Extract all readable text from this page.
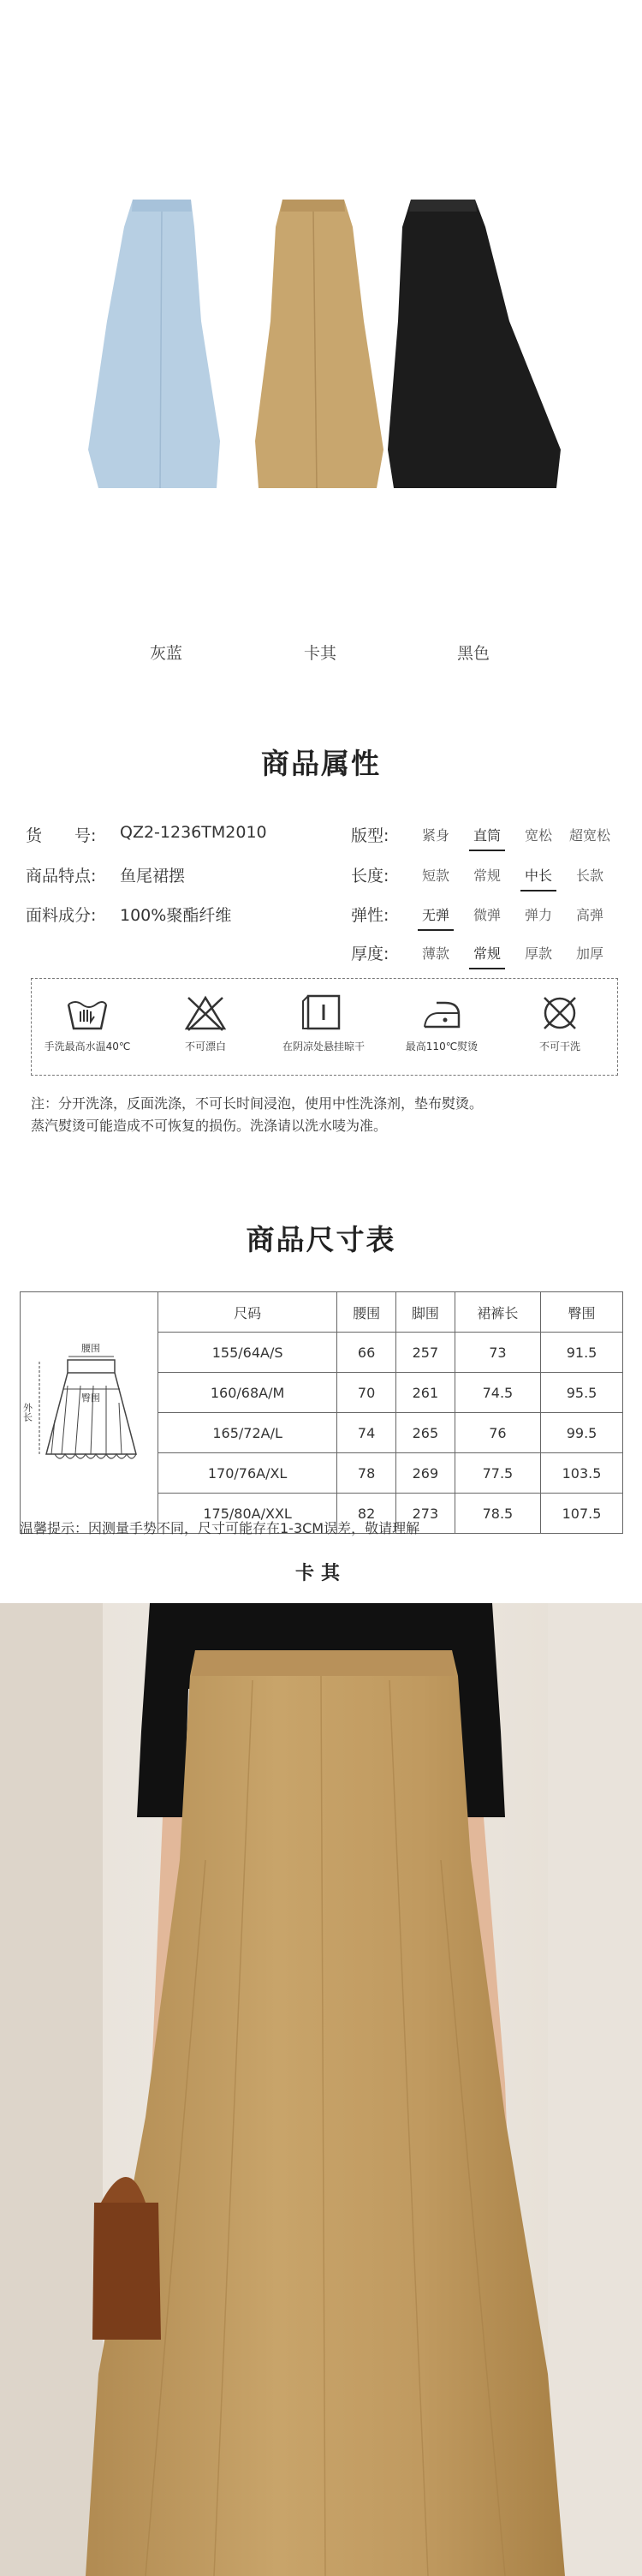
灰蓝	卡其	黑色
商品属性
货　　号: QZ2-1236TM2010
商品特点: 鱼尾裙摆
面料成分: 100%聚酯纤维
版型:	紧身	直筒	宽松	超宽松
长度:	短款	常规	中长	长款
弹性:	无弹	微弹	弹力	高弹
厚度:	薄款	常规	厚款	加厚
手洗最高水温40℃	不可漂白	在阴凉处悬挂晾干	最高110℃熨烫	不可干洗
注：分开洗涤，反面洗涤，不可长时间浸泡，使用中性洗涤剂，垫布熨烫。
蒸汽熨烫可能造成不可恢复的损伤。洗涤请以洗水唛为准。
商品尺寸表
腰围
臀围
外长	尺码	腰围	脚围	裙裤长	臀围
	155/64A/S	66	257	73	91.5
	160/68A/M	70	261	74.5	95.5
	165/72A/L	74	265	76	99.5
	170/76A/XL	78	269	77.5	103.5
	175/80A/XXL	82	273	78.5	107.5
温馨提示：因测量手势不同，尺寸可能存在1-3CM误差，敬请理解
卡其
